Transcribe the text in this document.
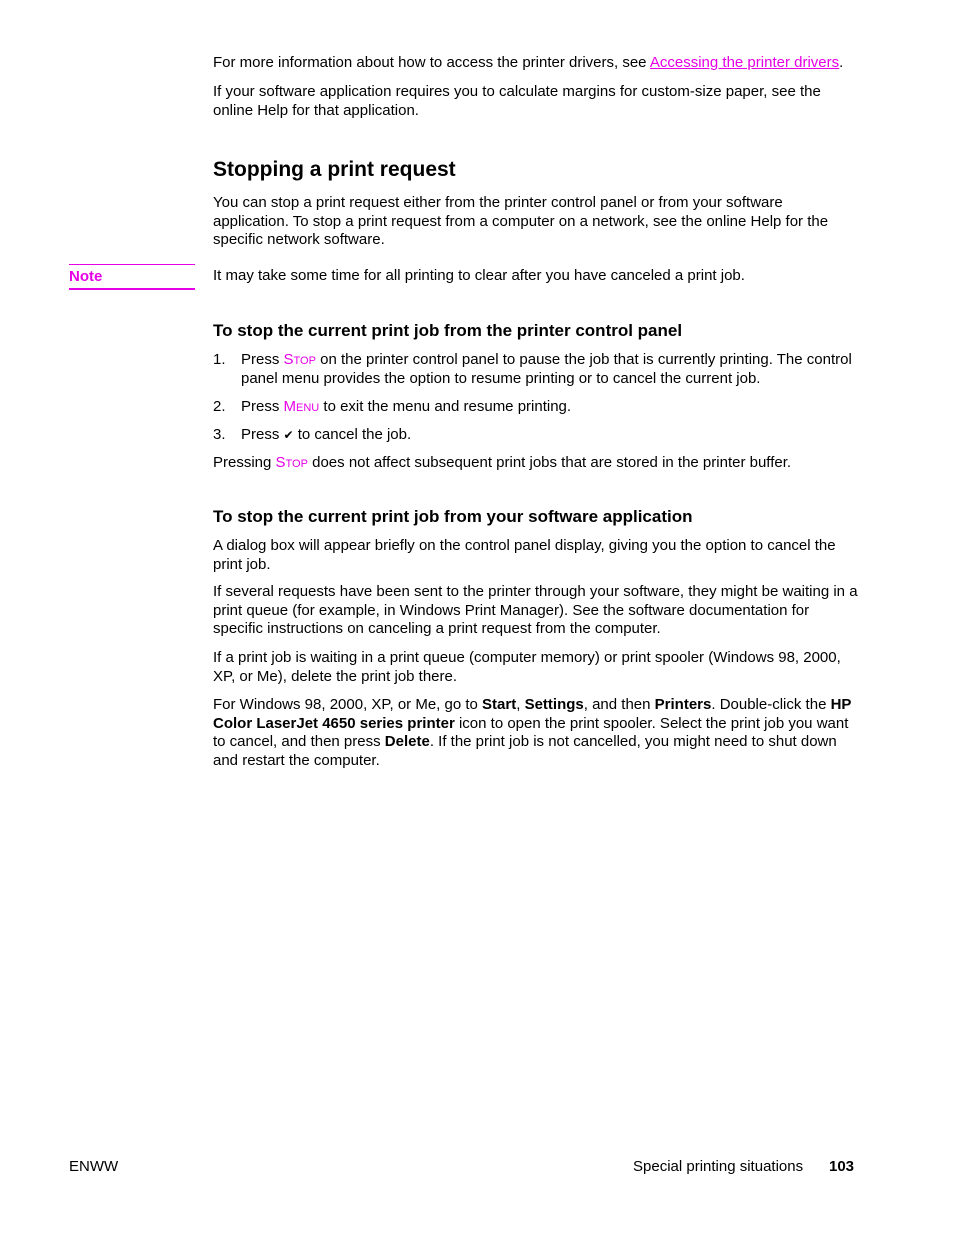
For more information about how to access the printer drivers, see Accessing the printer drivers.

If your software application requires you to calculate margins for custom-size paper, see the online Help for that application.

Stopping a print request

You can stop a print request either from the printer control panel or from your software application. To stop a print request from a computer on a network, see the online Help for the specific network software.

Note	It may take some time for all printing to clear after you have canceled a print job.

To stop the current print job from the printer control panel
1. Press Stop on the printer control panel to pause the job that is currently printing. The control panel menu provides the option to resume printing or to cancel the current job.

2. Press Menu to exit the menu and resume printing.

3. Press ✔ to cancel the job.

Pressing Stop does not affect subsequent print jobs that are stored in the printer buffer.

To stop the current print job from your software application

A dialog box will appear briefly on the control panel display, giving you the option to cancel the print job.

If several requests have been sent to the printer through your software, they might be waiting in a print queue (for example, in Windows Print Manager). See the software documentation for specific instructions on canceling a print request from the computer.

If a print job is waiting in a print queue (computer memory) or print spooler (Windows 98, 2000, XP, or Me), delete the print job there.

For Windows 98, 2000, XP, or Me, go to Start, Settings, and then Printers. Double-click the HP Color LaserJet 4650 series printer icon to open the print spooler. Select the print job you want to cancel, and then press Delete. If the print job is not cancelled, you might need to shut down and restart the computer.

ENWW	Special printing situations 103
